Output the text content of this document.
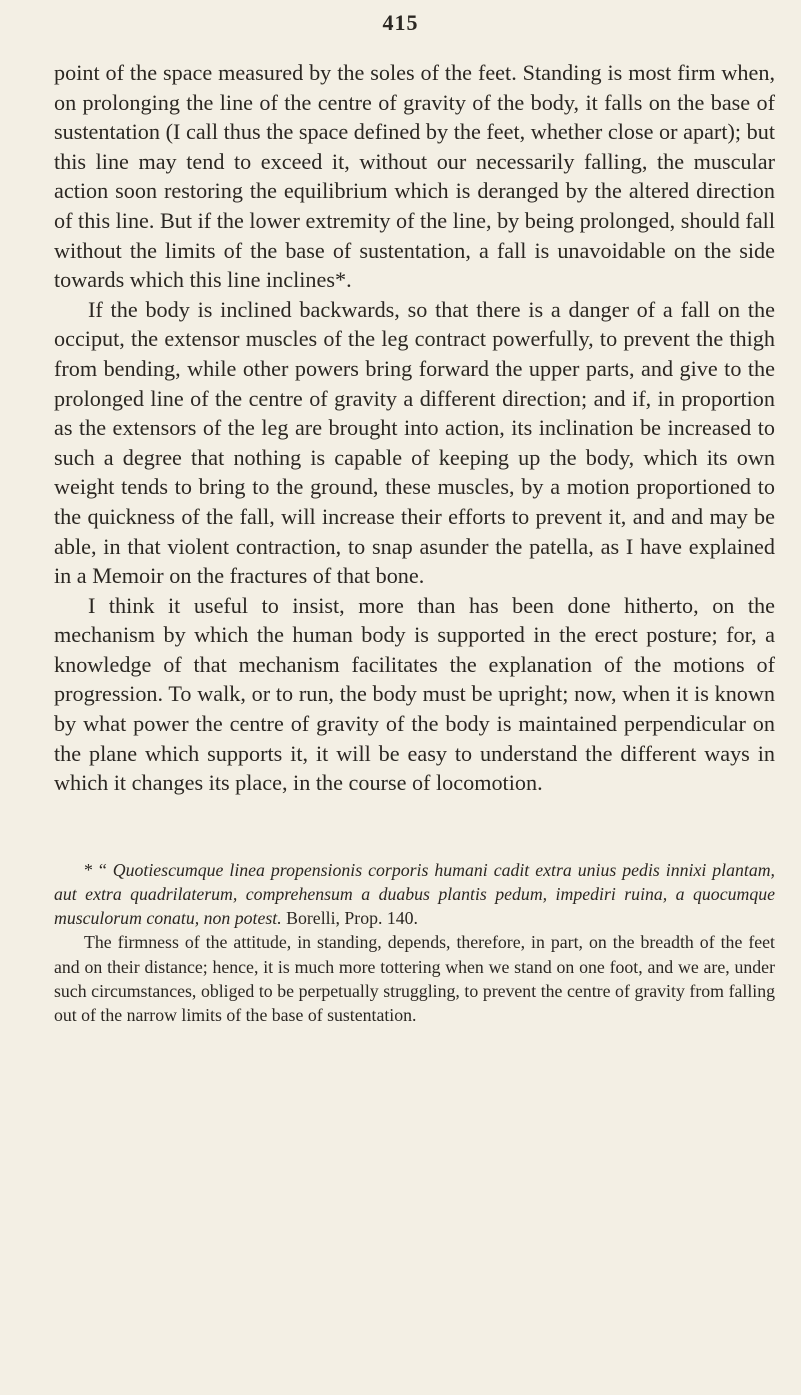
415

point of the space measured by the soles of the feet. Standing is most firm when, on prolonging the line of the centre of gravity of the body, it falls on the base of sustentation (I call thus the space defined by the feet, whether close or apart); but this line may tend to exceed it, without our necessarily falling, the muscular action soon restoring the equilibrium which is deranged by the altered direction of this line. But if the lower extremity of the line, by being prolonged, should fall without the limits of the base of sustentation, a fall is unavoidable on the side towards which this line inclines*.

If the body is inclined backwards, so that there is a danger of a fall on the occiput, the extensor muscles of the leg contract powerfully, to prevent the thigh from bending, while other powers bring forward the upper parts, and give to the prolonged line of the centre of gravity a different direction; and if, in proportion as the extensors of the leg are brought into action, its inclination be increased to such a degree that nothing is capable of keeping up the body, which its own weight tends to bring to the ground, these muscles, by a motion proportioned to the quickness of the fall, will increase their efforts to prevent it, and and may be able, in that violent contraction, to snap asunder the patella, as I have explained in a Memoir on the fractures of that bone.

I think it useful to insist, more than has been done hitherto, on the mechanism by which the human body is supported in the erect posture; for, a knowledge of that mechanism facilitates the explanation of the motions of progression. To walk, or to run, the body must be upright; now, when it is known by what power the centre of gravity of the body is maintained perpendicular on the plane which supports it, it will be easy to understand the different ways in which it changes its place, in the course of locomotion.

* “ Quotiescumque linea propensionis corporis humani cadit extra unius pedis innixi plantam, aut extra quadrilaterum, comprehensum a duabus plantis pedum, impediri ruina, a quocumque musculorum conatu, non potest. Borelli, Prop. 140.

The firmness of the attitude, in standing, depends, therefore, in part, on the breadth of the feet and on their distance; hence, it is much more tottering when we stand on one foot, and we are, under such circumstances, obliged to be perpetually struggling, to prevent the centre of gravity from falling out of the narrow limits of the base of sustentation.
